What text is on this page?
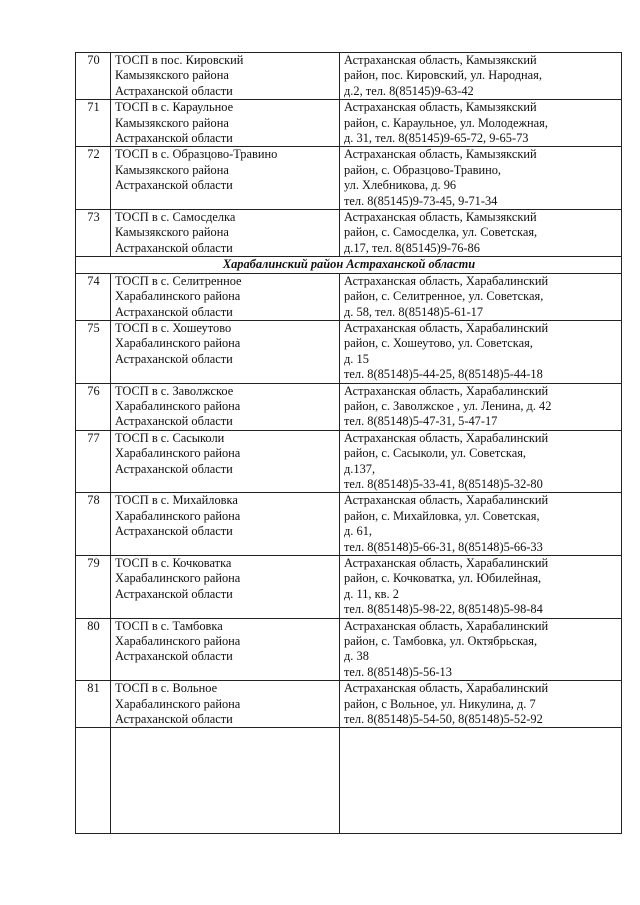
70	ТОСП в пос. Кировский
Камызякского района
Астраханской области	Астраханская область, Камызякский
район, пос. Кировский, ул. Народная,
д.2, тел. 8(85145)9-63-42

71	ТОСП в с. Караульное
Камызякского района
Астраханской области	Астраханская область, Камызякский
район, с. Караульное, ул. Молодежная,
д. 31, тел. 8(85145)9-65-72, 9-65-73

72	ТОСП в с. Образцово-Травино
Камызякского района
Астраханской области	Астраханская область, Камызякский
район, с. Образцово-Травино,
ул. Хлебникова, д. 96
тел. 8(85145)9-73-45, 9-71-34

73	ТОСП в с. Самосделка
Камызякского района
Астраханской области	Астраханская область, Камызякский
район, с. Самосделка, ул. Советская,
д.17, тел. 8(85145)9-76-86

Харабалинский район Астраханской области		
74	ТОСП в с. Селитренное
Харабалинского района
Астраханской области	Астраханская область, Харабалинский
район, с. Селитренное, ул. Советская,
д. 58, тел. 8(85148)5-61-17

75	ТОСП в с. Хошеутово
Харабалинского района
Астраханской области	Астраханская область, Харабалинский
район, с. Хошеутово, ул. Советская,
д. 15
тел. 8(85148)5-44-25, 8(85148)5-44-18

76	ТОСП в с. Заволжское
Харабалинского района
Астраханской области	Астраханская область, Харабалинский
район, с. Заволжское , ул. Ленина, д. 42
тел. 8(85148)5-47-31, 5-47-17

77	ТОСП в с. Сасыколи
Харабалинского района
Астраханской области	Астраханская область, Харабалинский
район, с. Сасыколи, ул. Советская,
д.137,
тел. 8(85148)5-33-41, 8(85148)5-32-80

78	ТОСП в с. Михайловка
Харабалинского района
Астраханской области	Астраханская область, Харабалинский
район, с. Михайловка, ул. Советская,
д. 61,
тел. 8(85148)5-66-31, 8(85148)5-66-33

79	ТОСП в с. Кочковатка
Харабалинского района
Астраханской области	Астраханская область, Харабалинский
район, с. Кочковатка, ул. Юбилейная,
д. 11, кв. 2
тел. 8(85148)5-98-22, 8(85148)5-98-84

80	ТОСП в с. Тамбовка
Харабалинского района
Астраханской области	Астраханская область, Харабалинский
район, с. Тамбовка, ул. Октябрьская,
д. 38
тел. 8(85148)5-56-13

81	ТОСП в с. Вольное
Харабалинского района
Астраханской области	Астраханская область, Харабалинский
район, с Вольное, ул. Никулина, д. 7
тел. 8(85148)5-54-50, 8(85148)5-52-92
